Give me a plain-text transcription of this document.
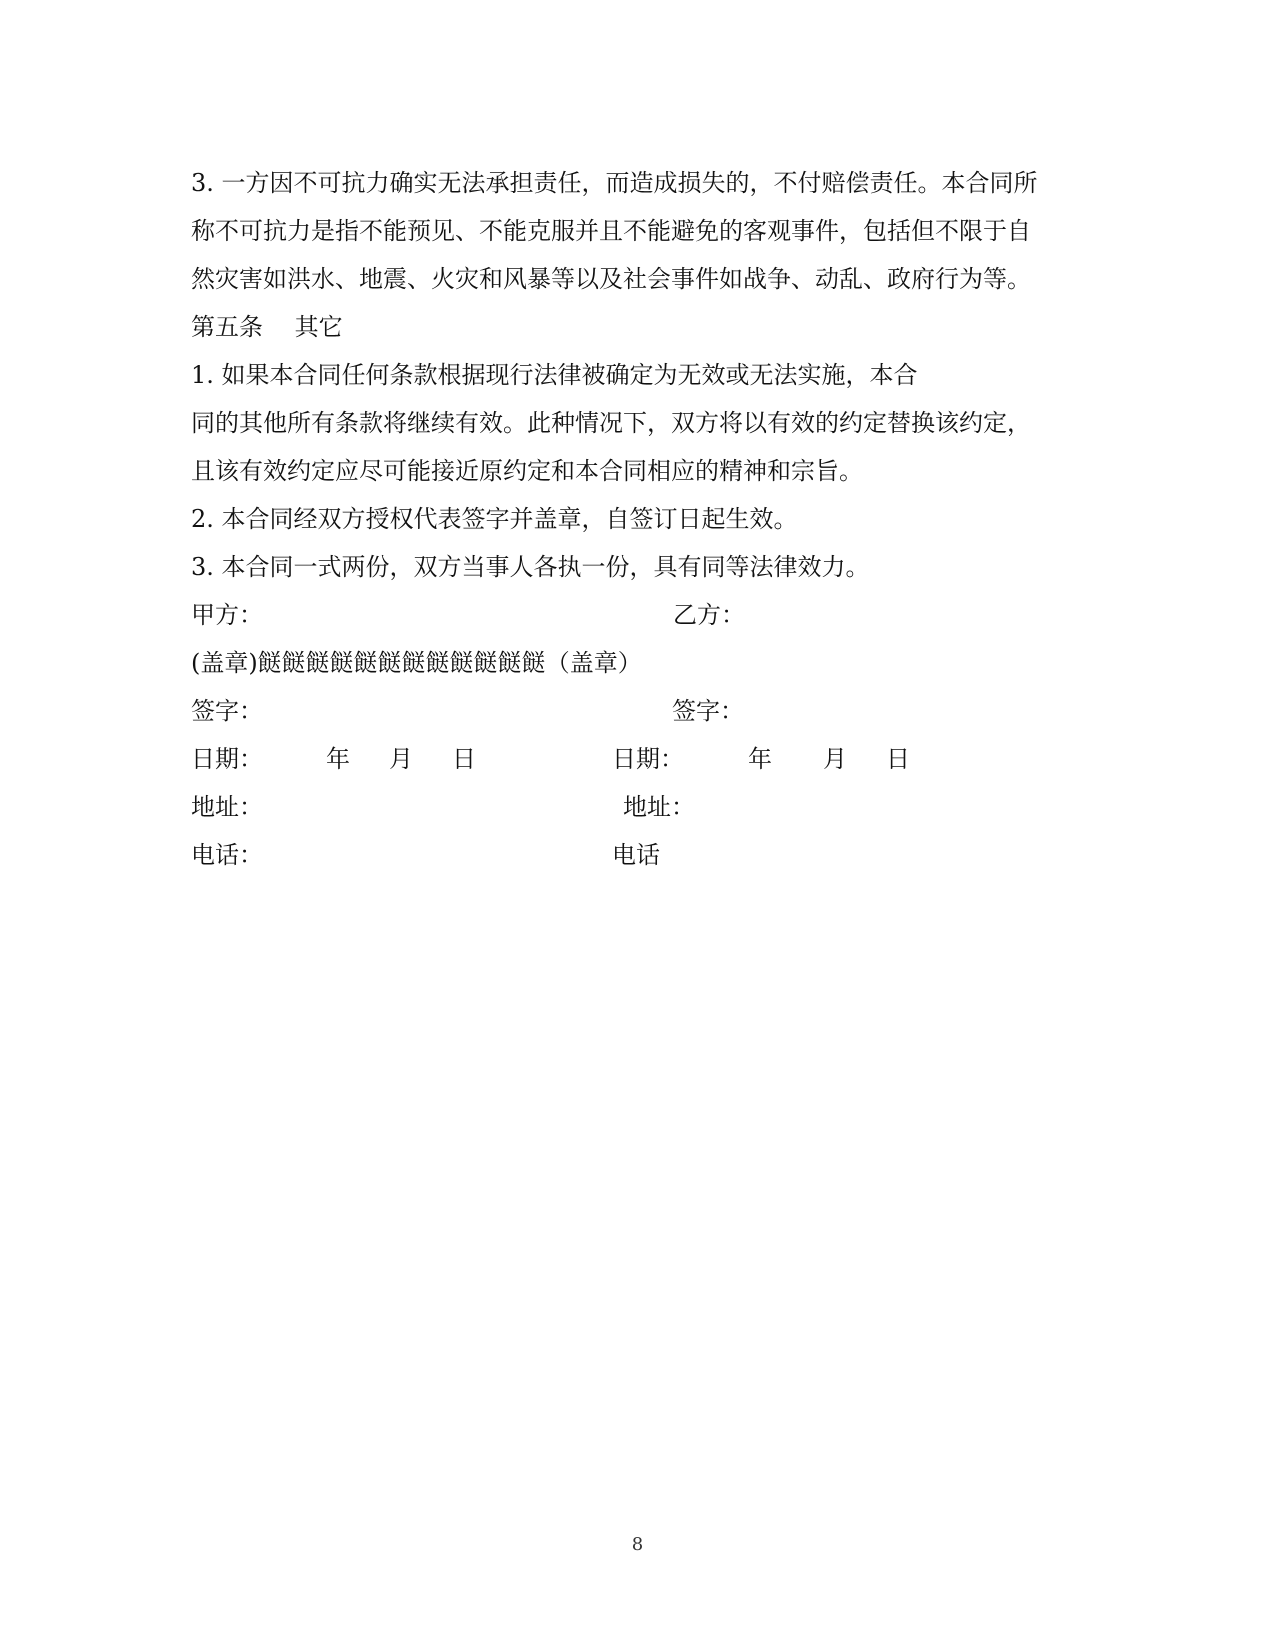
3. 一方因不可抗力确实无法承担责任，而造成损失的，不付赔偿责任。本合同所
称不可抗力是指不能预见、不能克服并且不能避免的客观事件，包括但不限于自
然灾害如洪水、地震、火灾和风暴等以及社会事件如战争、动乱、政府行为等。
第五条　 其它
1. 如果本合同任何条款根据现行法律被确定为无效或无法实施，本合
同的其他所有条款将继续有效。此种情况下，双方将以有效的约定替换该约定，
且该有效约定应尽可能接近原约定和本合同相应的精神和宗旨。
2. 本合同经双方授权代表签字并盖章，自签订日起生效。
3. 本合同一式两份，双方当事人各执一份，具有同等法律效力。
甲方：	乙方：
(盖章)餸餸餸餸餸餸餸餸餸餸餸餸（盖章）
签字：	签字：
日期：	年 月 日	日期：	年 月 日
地址：	地址：
电话：	电话
8
